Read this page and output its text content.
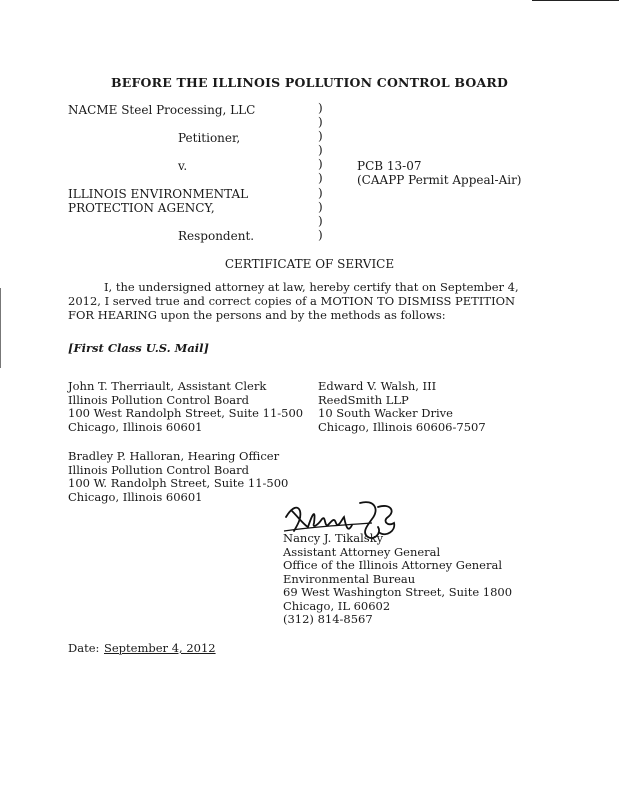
BEFORE THE ILLINOIS POLLUTION CONTROL BOARD
NACME Steel Processing, LLC
Petitioner,
v.
ILLINOIS ENVIRONMENTAL
PROTECTION AGENCY,
Respondent.
)
)
)
)
)
)
)
)
)
)
PCB 13-07
(CAAPP Permit Appeal-Air)
CERTIFICATE OF SERVICE
I, the undersigned attorney at law, hereby certify that on September 4, 2012, I served true and correct copies of a MOTION TO DISMISS PETITION FOR HEARING upon the persons and by the methods as follows:
[First Class U.S. Mail]
John T. Therriault, Assistant Clerk
Illinois Pollution Control Board
100 West Randolph Street, Suite 11-500
Chicago, Illinois 60601
Edward V. Walsh, III
ReedSmith LLP
10 South Wacker Drive
Chicago, Illinois 60606-7507
Bradley P. Halloran, Hearing Officer
Illinois Pollution Control Board
100 W. Randolph Street, Suite 11-500
Chicago, Illinois 60601
Nancy J. Tikalsky
Assistant Attorney General
Office of the Illinois Attorney General
Environmental Bureau
69 West Washington Street, Suite 1800
Chicago, IL 60602
(312) 814-8567
Date: September 4, 2012
